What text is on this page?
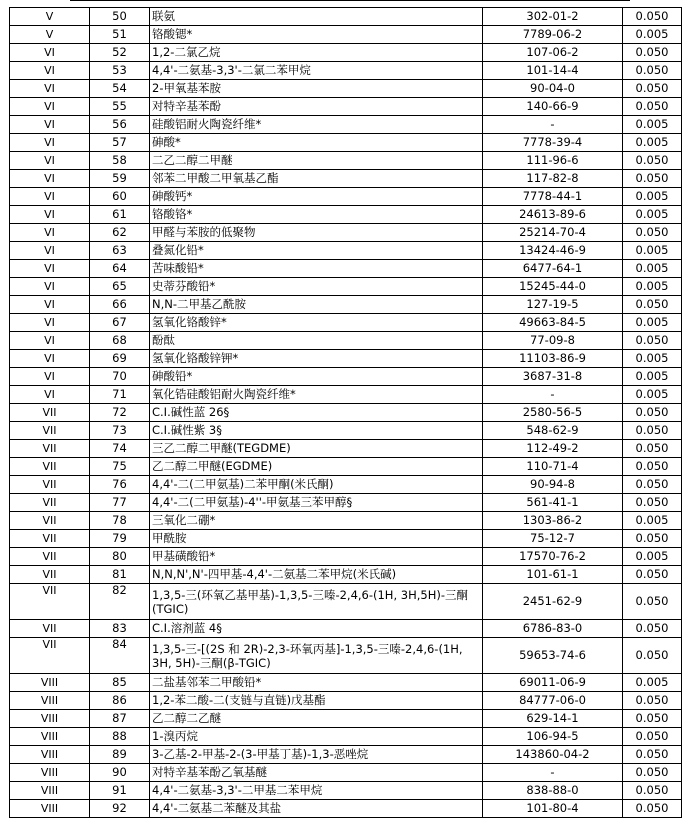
V	50	联氨	302-01-2	0.050
V	51	铬酸锶*	7789-06-2	0.005
VI	52	1,2-二氯乙烷	107-06-2	0.050
VI	53	4,4'-二氨基-3,3'-二氯二苯甲烷	101-14-4	0.050
VI	54	2-甲氧基苯胺	90-04-0	0.050
VI	55	对特辛基苯酚	140-66-9	0.050
VI	56	硅酸铝耐火陶瓷纤维*	-	0.005
VI	57	砷酸*	7778-39-4	0.005
VI	58	二乙二醇二甲醚	111-96-6	0.050
VI	59	邻苯二甲酸二甲氧基乙酯	117-82-8	0.050
VI	60	砷酸钙*	7778-44-1	0.005
VI	61	铬酸铬*	24613-89-6	0.005
VI	62	甲醛与苯胺的低聚物	25214-70-4	0.050
VI	63	叠氮化铅*	13424-46-9	0.005
VI	64	苦味酸铅*	6477-64-1	0.005
VI	65	史蒂芬酸铅*	15245-44-0	0.005
VI	66	N,N-二甲基乙酰胺	127-19-5	0.050
VI	67	氢氧化铬酸锌*	49663-84-5	0.005
VI	68	酚酞	77-09-8	0.050
VI	69	氢氧化铬酸锌钾*	11103-86-9	0.005
VI	70	砷酸铅*	3687-31-8	0.005
VI	71	氧化锆硅酸铝耐火陶瓷纤维*	-	0.005
VII	72	C.I.碱性蓝 26§	2580-56-5	0.050
VII	73	C.I.碱性紫 3§	548-62-9	0.050
VII	74	三乙二醇二甲醚(TEGDME)	112-49-2	0.050
VII	75	乙二醇二甲醚(EGDME)	110-71-4	0.050
VII	76	4,4'-二(二甲氨基)二苯甲酮(米氏酮)	90-94-8	0.050
VII	77	4,4'-二(二甲氨基)-4''-甲氨基三苯甲醇§	561-41-1	0.050
VII	78	三氧化二硼*	1303-86-2	0.005
VII	79	甲酰胺	75-12-7	0.050
VII	80	甲基磺酸铅*	17570-76-2	0.005
VII	81	N,N,N',N'-四甲基-4,4'-二氨基二苯甲烷(米氏碱)	101-61-1	0.050
VII	82	1,3,5-三(环氧乙基甲基)-1,3,5-三嗪-2,4,6-(1H, 3H,5H)-三酮(TGIC)	2451-62-9	0.050
VII	83	C.I.溶剂蓝 4§	6786-83-0	0.050
VII	84	1,3,5-三-[(2S 和 2R)-2,3-环氧丙基]-1,3,5-三嗪-2,4,6-(1H, 3H, 5H)-三酮(β-TGIC)	59653-74-6	0.050
VIII	85	二盐基邻苯二甲酸铅*	69011-06-9	0.005
VIII	86	1,2-苯二酸-二(支链与直链)戊基酯	84777-06-0	0.050
VIII	87	乙二醇二乙醚	629-14-1	0.050
VIII	88	1-溴丙烷	106-94-5	0.050
VIII	89	3-乙基-2-甲基-2-(3-甲基丁基)-1,3-恶唑烷	143860-04-2	0.050
VIII	90	对特辛基苯酚乙氧基醚	-	0.050
VIII	91	4,4'-二氨基-3,3'-二甲基二苯甲烷	838-88-0	0.050
VIII	92	4,4'-二氨基二苯醚及其盐	101-80-4	0.050
